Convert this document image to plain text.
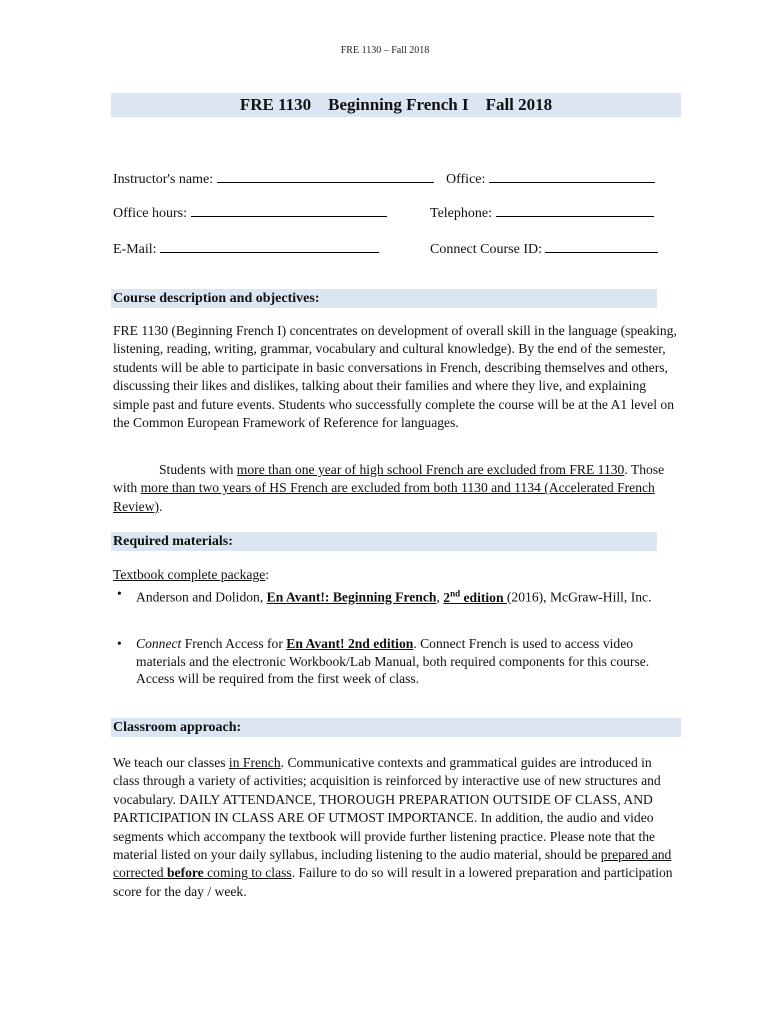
FRE 1130 – Fall 2018
FRE 1130 Beginning French I Fall 2018
Instructor's name:	Office:
Office hours:	Telephone:
E-Mail:	Connect Course ID:
Course description and objectives:
FRE 1130 (Beginning French I) concentrates on development of overall skill in the language (speaking, listening, reading, writing, grammar, vocabulary and cultural knowledge). By the end of the semester, students will be able to participate in basic conversations in French, describing themselves and others, discussing their likes and dislikes, talking about their families and where they live, and explaining simple past and future events. Students who successfully complete the course will be at the A1 level on the Common European Framework of Reference for languages.
Students with more than one year of high school French are excluded from FRE 1130. Those with more than two years of HS French are excluded from both 1130 and 1134 (Accelerated French Review).
Required materials:
Textbook complete package:
• Anderson and Dolidon, En Avant!: Beginning French, 2nd edition (2016), McGraw-Hill, Inc.
• Connect French Access for En Avant! 2nd edition. Connect French is used to access video materials and the electronic Workbook/Lab Manual, both required components for this course. Access will be required from the first week of class.
Classroom approach:
We teach our classes in French. Communicative contexts and grammatical guides are introduced in class through a variety of activities; acquisition is reinforced by interactive use of new structures and vocabulary. DAILY ATTENDANCE, THOROUGH PREPARATION OUTSIDE OF CLASS, AND PARTICIPATION IN CLASS ARE OF UTMOST IMPORTANCE. In addition, the audio and video segments which accompany the textbook will provide further listening practice. Please note that the material listed on your daily syllabus, including listening to the audio material, should be prepared and corrected before coming to class. Failure to do so will result in a lowered preparation and participation score for the day / week.
